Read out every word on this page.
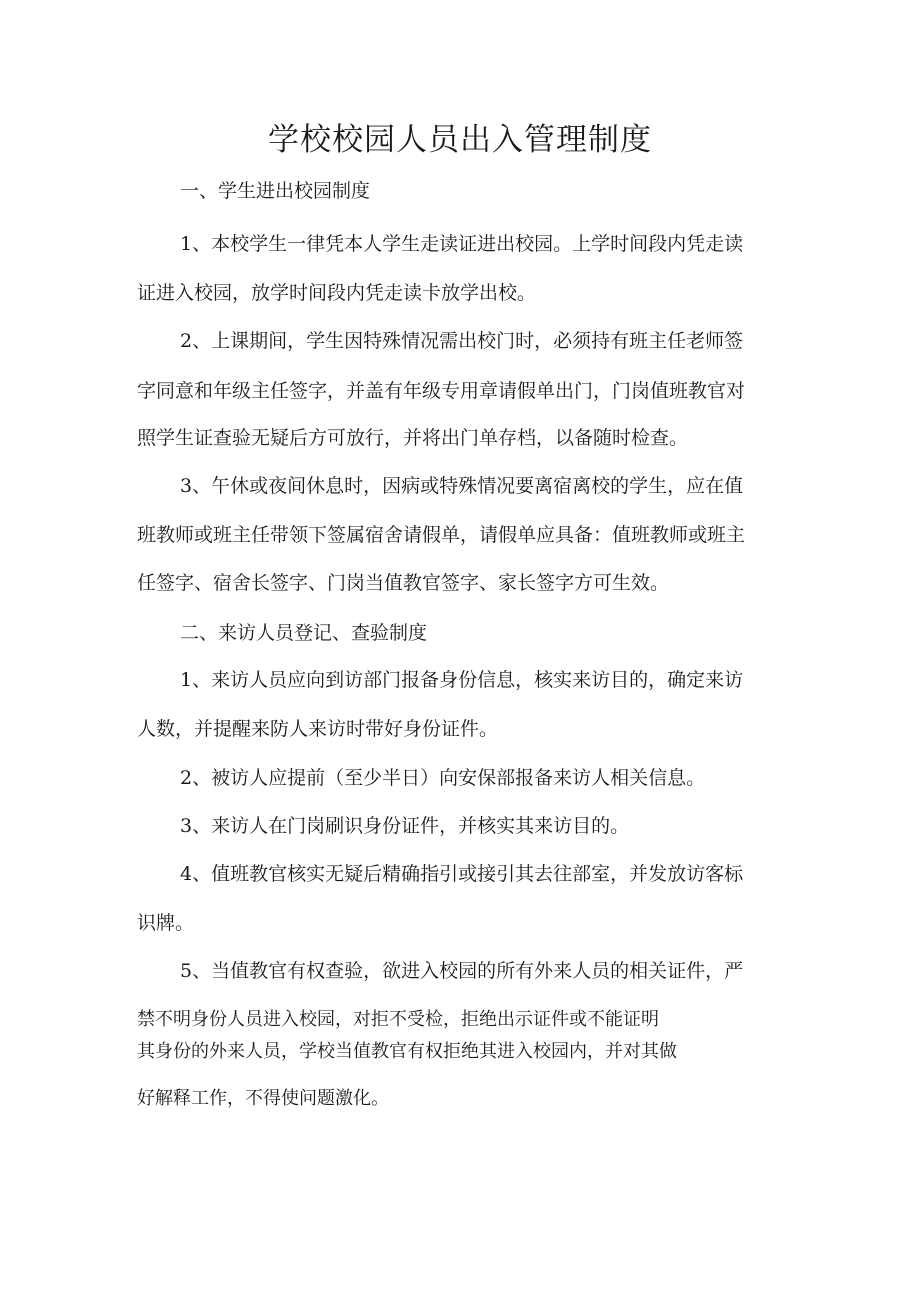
学校校园人员出入管理制度

一、学生进出校园制度

1、本校学生一律凭本人学生走读证进出校园。上学时间段内凭走读

证进入校园，放学时间段内凭走读卡放学出校。

2、上课期间，学生因特殊情况需出校门时，必须持有班主任老师签

字同意和年级主任签字，并盖有年级专用章请假单出门，门岗值班教官对

照学生证查验无疑后方可放行，并将出门单存档，以备随时检查。

3、午休或夜间休息时，因病或特殊情况要离宿离校的学生，应在值

班教师或班主任带领下签属宿舍请假单，请假单应具备：值班教师或班主

任签字、宿舍长签字、门岗当值教官签字、家长签字方可生效。

二、来访人员登记、查验制度

1、来访人员应向到访部门报备身份信息，核实来访目的，确定来访

人数，并提醒来防人来访时带好身份证件。

2、被访人应提前（至少半日）向安保部报备来访人相关信息。

3、来访人在门岗刷识身份证件，并核实其来访目的。

4、值班教官核实无疑后精确指引或接引其去往部室，并发放访客标

识牌。

5、当值教官有权查验，欲进入校园的所有外来人员的相关证件，严

禁不明身份人员进入校园，对拒不受检，拒绝出示证件或不能证明

其身份的外来人员，学校当值教官有权拒绝其进入校园内，并对其做

好解释工作，不得使问题激化。
